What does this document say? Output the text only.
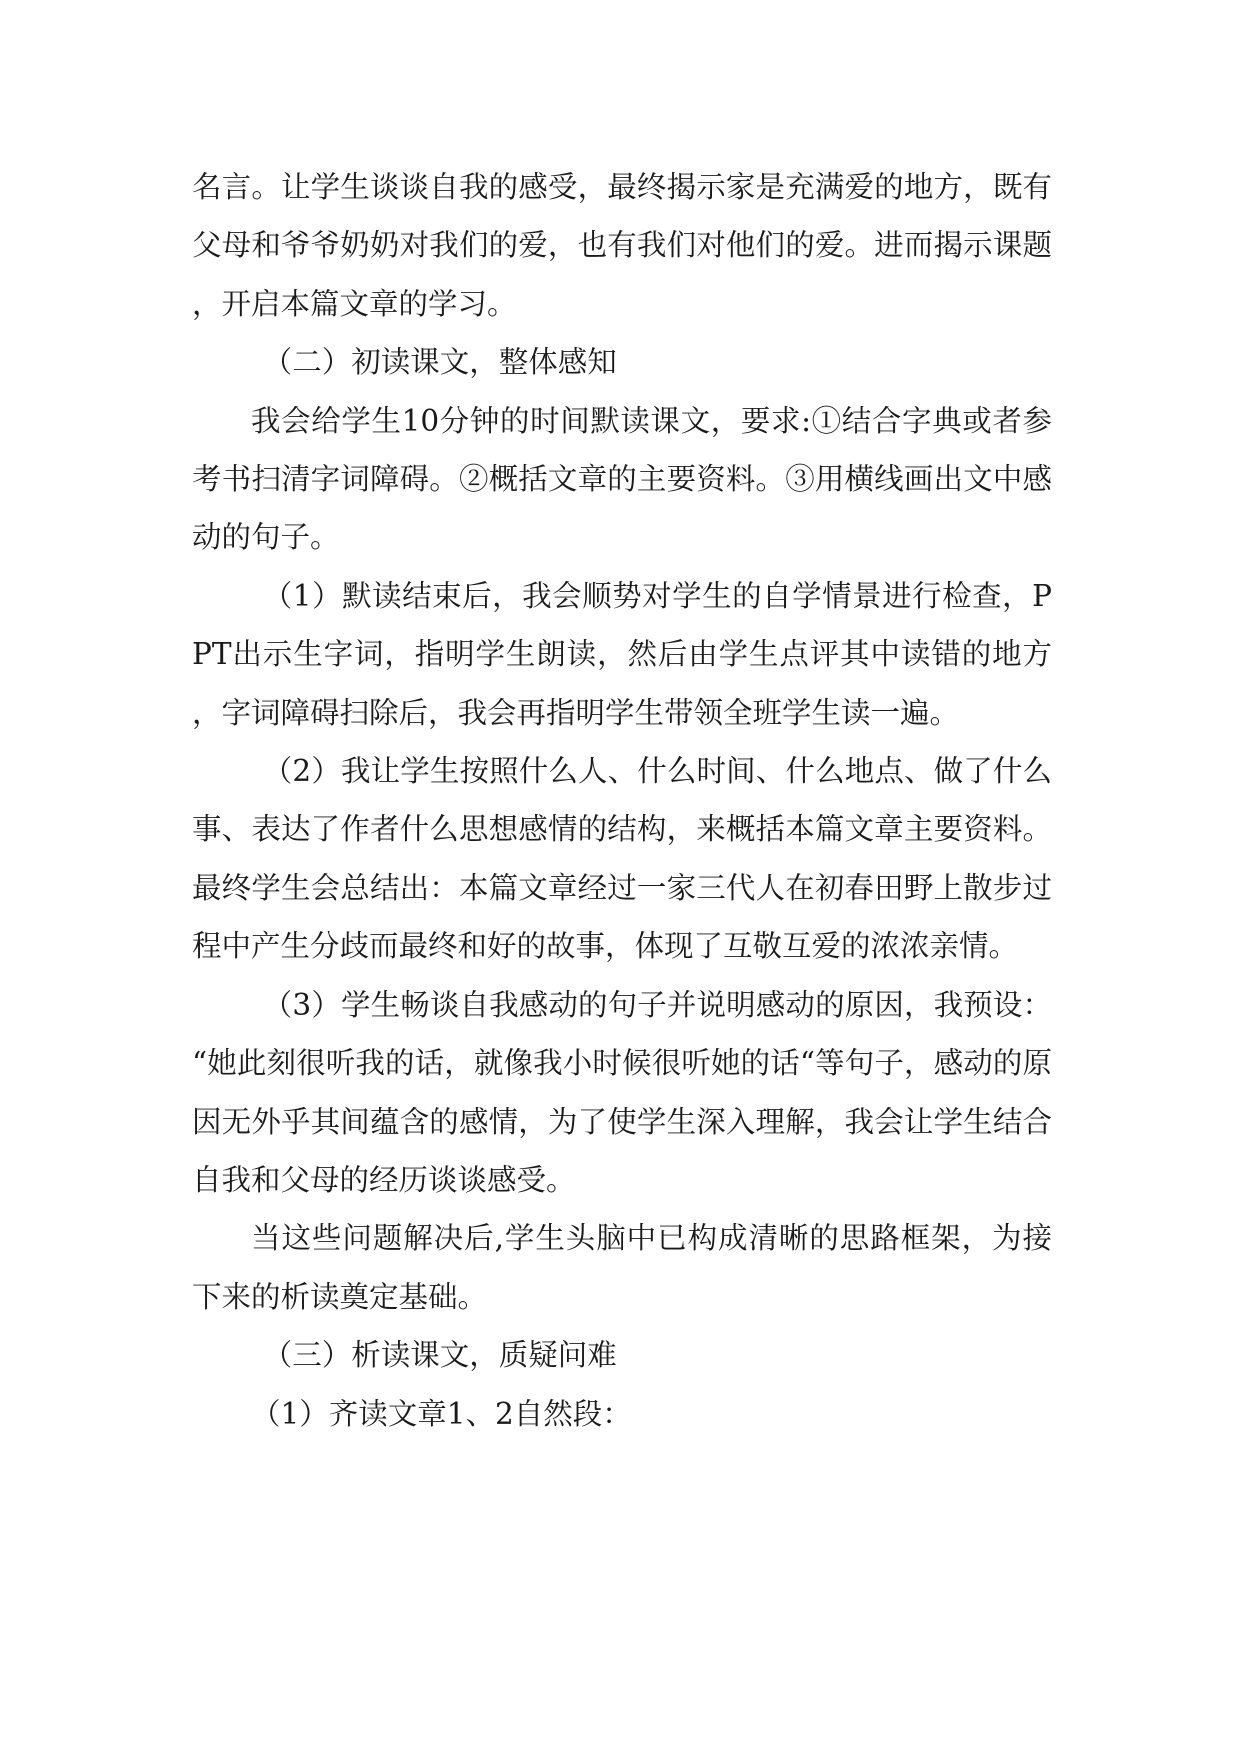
名言。让学生谈谈自我的感受，最终揭示家是充满爱的地方，既有父母和爷爷奶奶对我们的爱，也有我们对他们的爱。进而揭示课题，开启本篇文章的学习。

（二）初读课文，整体感知

我会给学生10分钟的时间默读课文，要求:①结合字典或者参考书扫清字词障碍。②概括文章的主要资料。③用横线画出文中感动的句子。

（1）默读结束后，我会顺势对学生的自学情景进行检查，PPT出示生字词，指明学生朗读，然后由学生点评其中读错的地方，字词障碍扫除后，我会再指明学生带领全班学生读一遍。

（2）我让学生按照什么人、什么时间、什么地点、做了什么事、表达了作者什么思想感情的结构，来概括本篇文章主要资料。最终学生会总结出：本篇文章经过一家三代人在初春田野上散步过程中产生分歧而最终和好的故事，体现了互敬互爱的浓浓亲情。

（3）学生畅谈自我感动的句子并说明感动的原因，我预设：“她此刻很听我的话，就像我小时候很听她的话“等句子，感动的原因无外乎其间蕴含的感情，为了使学生深入理解，我会让学生结合自我和父母的经历谈谈感受。

当这些问题解决后,学生头脑中已构成清晰的思路框架，为接下来的析读奠定基础。

（三）析读课文，质疑问难

（1）齐读文章1、2自然段：
